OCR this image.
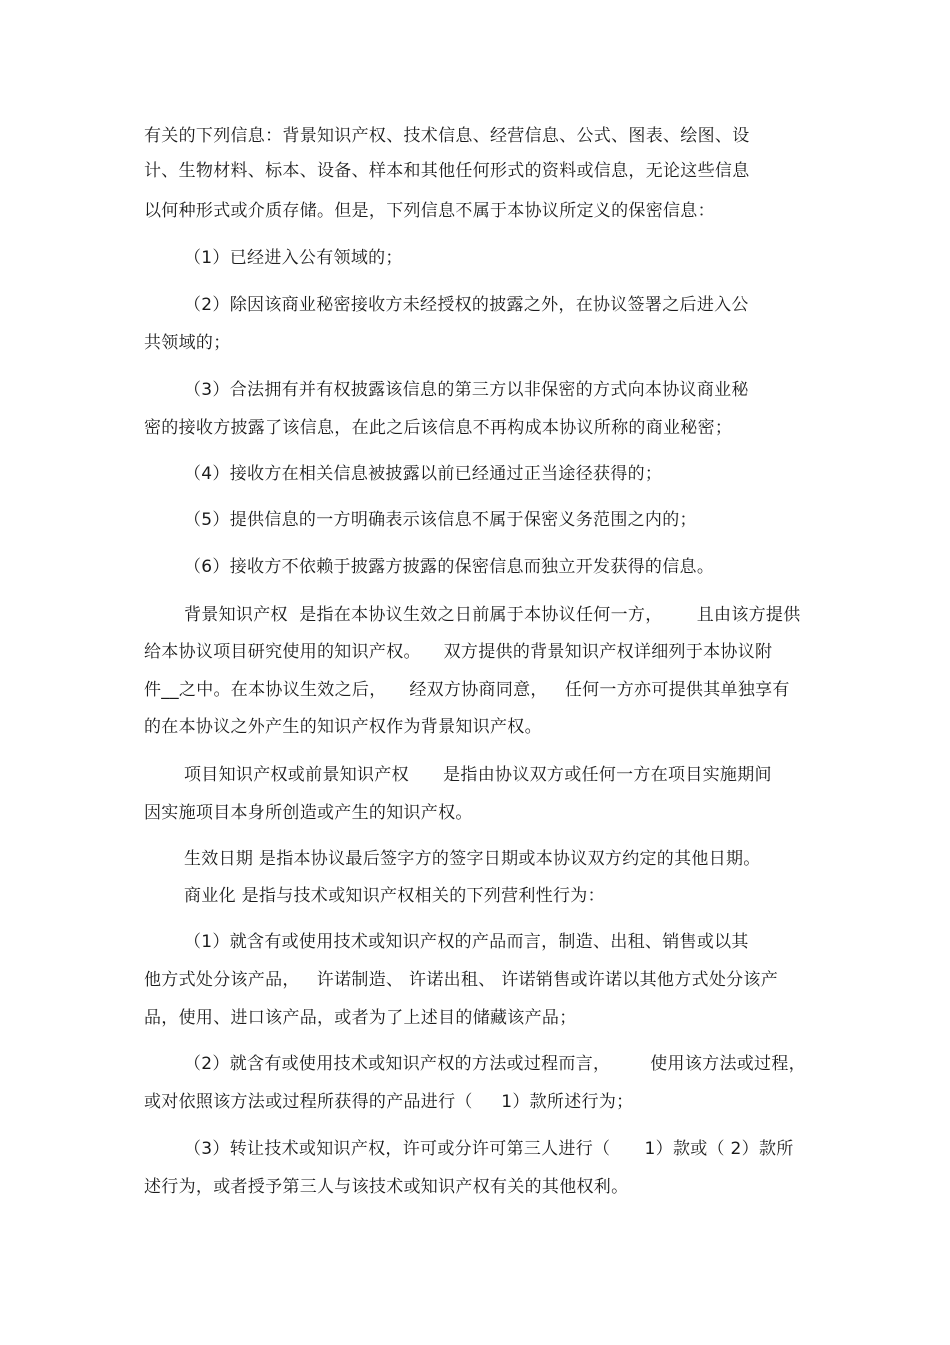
有关的下列信息：背景知识产权、技术信息、经营信息、公式、图表、绘图、设
计、生物材料、标本、设备、样本和其他任何形式的资料或信息，无论这些信息
以何种形式或介质存储。但是，下列信息不属于本协议所定义的保密信息：
（1）已经进入公有领域的；
（2）除因该商业秘密接收方未经授权的披露之外，在协议签署之后进入公
共领域的；
（3）合法拥有并有权披露该信息的第三方以非保密的方式向本协议商业秘
密的接收方披露了该信息，在此之后该信息不再构成本协议所称的商业秘密；
（4）接收方在相关信息被披露以前已经通过正当途径获得的；
（5）提供信息的一方明确表示该信息不属于保密义务范围之内的；
（6）接收方不依赖于披露方披露的保密信息而独立开发获得的信息。
背景知识产权  是指在本协议生效之日前属于本协议任何一方，      且由该方提供
给本协议项目研究使用的知识产权。    双方提供的背景知识产权详细列于本协议附
件__之中。在本协议生效之后，    经双方协商同意，   任何一方亦可提供其单独享有
的在本协议之外产生的知识产权作为背景知识产权。
项目知识产权或前景知识产权      是指由协议双方或任何一方在项目实施期间
因实施项目本身所创造或产生的知识产权。
生效日期 是指本协议最后签字方的签字日期或本协议双方约定的其他日期。
商业化 是指与技术或知识产权相关的下列营利性行为：
（1）就含有或使用技术或知识产权的产品而言，制造、出租、销售或以其
他方式处分该产品，   许诺制造、 许诺出租、 许诺销售或许诺以其他方式处分该产
品，使用、进口该产品，或者为了上述目的储藏该产品；
（2）就含有或使用技术或知识产权的方法或过程而言，       使用该方法或过程，
或对依照该方法或过程所获得的产品进行（     1）款所述行为；
（3）转让技术或知识产权，许可或分许可第三人进行（      1）款或（ 2）款所
述行为，或者授予第三人与该技术或知识产权有关的其他权利。
